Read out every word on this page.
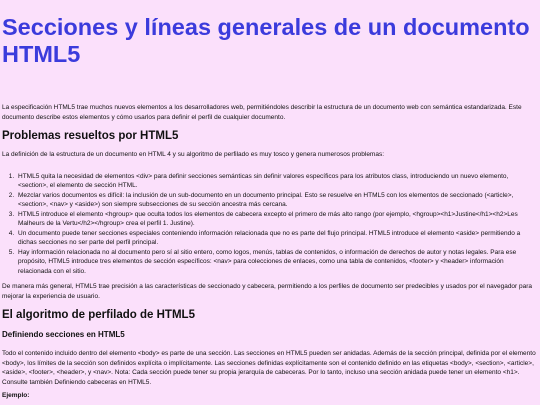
Secciones y líneas generales de un documento HTML5

La especificación HTML5 trae muchos nuevos elementos a los desarrolladores web, permitiéndoles describir la estructura de un documento web con semántica estandarizada. Este documento describe estos elementos y cómo usarlos para definir el perfil de cualquier documento.

Problemas resueltos por HTML5

La definición de la estructura de un documento en HTML 4 y su algoritmo de perfilado es muy tosco y genera numerosos problemas:

1. HTML5 quita la necesidad de elementos <div> para definir secciones semánticas sin definir valores específicos para los atributos class, introduciendo un nuevo elemento, <section>, el elemento de sección HTML.
2. Mezclar varios documentos es difícil: la inclusión de un sub-documento en un documento principal. Esto se resuelve en HTML5 con los elementos de seccionado (<article>, <section>, <nav> y <aside>) son siempre subsecciones de su sección ancestra más cercana.
3. HTML5 introduce el elemento <hgroup> que oculta todos los elementos de cabecera excepto el primero de más alto rango (por ejemplo, <hgroup><h1>Justine</h1><h2>Les Malheurs de la Vertu</h2></hgroup> crea el perfil 1. Justine).
4. Un documento puede tener secciones especiales conteniendo información relacionada que no es parte del flujo principal. HTML5 introduce el elemento <aside> permitiendo a dichas secciones no ser parte del perfil principal.
5. Hay información relacionada no al documento pero sí al sitio entero, como logos, menús, tablas de contenidos, o información de derechos de autor y notas legales. Para ese propósito, HTML5 introduce tres elementos de sección específicos: <nav> para colecciones de enlaces, como una tabla de contenidos, <footer> y <header> información relacionada con el sitio.

De manera más general, HTML5 trae precisión a las características de seccionado y cabecera, permitiendo a los perfiles de documento ser predecibles y usados por el navegador para mejorar la experiencia de usuario.

El algoritmo de perfilado de HTML5
Definiendo secciones en HTML5

Todo el contenido incluido dentro del elemento <body> es parte de una sección. Las secciones en HTML5 pueden ser anidadas. Además de la sección principal, definida por el elemento <body>, los límites de la sección son definidos explícita o implícitamente. Las secciones definidas explícitamente son el contenido definido en las etiquetas <body>, <section>, <article>, <aside>, <footer>, <header>, y <nav>. Nota: Cada sección puede tener su propia jerarquía de cabeceras. Por lo tanto, incluso una sección anidada puede tener un elemento <h1>. Consulte también Definiendo cabeceras en HTML5.

Ejemplo:
